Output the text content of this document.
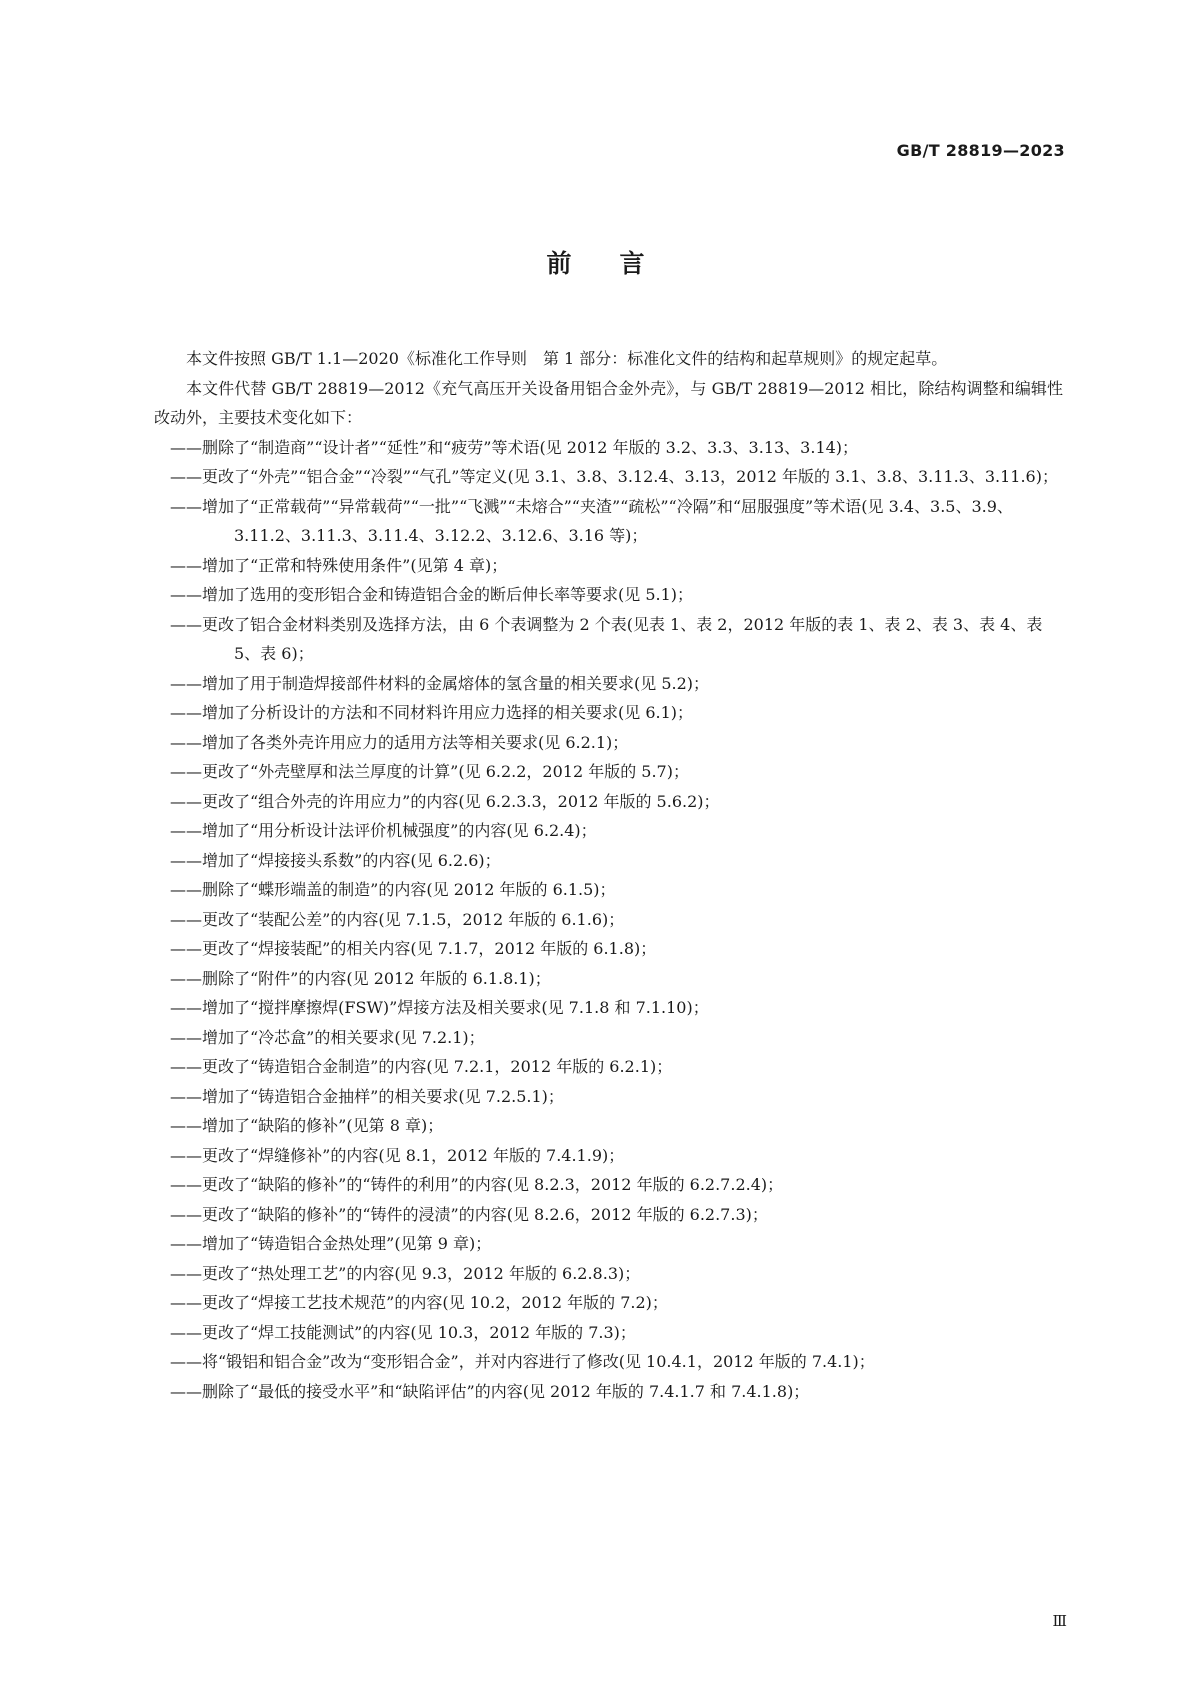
GB/T 28819—2023
前言

本文件按照 GB/T 1.1—2020《标准化工作导则　第 1 部分：标准化文件的结构和起草规则》的规定起草。

本文件代替 GB/T 28819—2012《充气高压开关设备用铝合金外壳》，与 GB/T 28819—2012 相比，除结构调整和编辑性改动外，主要技术变化如下：

——删除了“制造商”“设计者”“延性”和“疲劳”等术语(见 2012 年版的 3.2、3.3、3.13、3.14)；

——更改了“外壳”“铝合金”“冷裂”“气孔”等定义(见 3.1、3.8、3.12.4、3.13，2012 年版的 3.1、3.8、3.11.3、3.11.6)；

——增加了“正常载荷”“异常载荷”“一批”“飞溅”“未熔合”“夹渣”“疏松”“冷隔”和“屈服强度”等术语(见 3.4、3.5、3.9、3.11.2、3.11.3、3.11.4、3.12.2、3.12.6、3.16 等)；

——增加了“正常和特殊使用条件”(见第 4 章)；

——增加了选用的变形铝合金和铸造铝合金的断后伸长率等要求(见 5.1)；

——更改了铝合金材料类别及选择方法，由 6 个表调整为 2 个表(见表 1、表 2，2012 年版的表 1、表 2、表 3、表 4、表 5、表 6)；

——增加了用于制造焊接部件材料的金属熔体的氢含量的相关要求(见 5.2)；

——增加了分析设计的方法和不同材料许用应力选择的相关要求(见 6.1)；

——增加了各类外壳许用应力的适用方法等相关要求(见 6.2.1)；

——更改了“外壳壁厚和法兰厚度的计算”(见 6.2.2，2012 年版的 5.7)；

——更改了“组合外壳的许用应力”的内容(见 6.2.3.3，2012 年版的 5.6.2)；

——增加了“用分析设计法评价机械强度”的内容(见 6.2.4)；

——增加了“焊接接头系数”的内容(见 6.2.6)；

——删除了“蝶形端盖的制造”的内容(见 2012 年版的 6.1.5)；

——更改了“装配公差”的内容(见 7.1.5，2012 年版的 6.1.6)；

——更改了“焊接装配”的相关内容(见 7.1.7，2012 年版的 6.1.8)；

——删除了“附件”的内容(见 2012 年版的 6.1.8.1)；

——增加了“搅拌摩擦焊(FSW)”焊接方法及相关要求(见 7.1.8 和 7.1.10)；

——增加了“冷芯盒”的相关要求(见 7.2.1)；

——更改了“铸造铝合金制造”的内容(见 7.2.1，2012 年版的 6.2.1)；

——增加了“铸造铝合金抽样”的相关要求(见 7.2.5.1)；

——增加了“缺陷的修补”(见第 8 章)；

——更改了“焊缝修补”的内容(见 8.1，2012 年版的 7.4.1.9)；

——更改了“缺陷的修补”的“铸件的利用”的内容(见 8.2.3，2012 年版的 6.2.7.2.4)；

——更改了“缺陷的修补”的“铸件的浸渍”的内容(见 8.2.6，2012 年版的 6.2.7.3)；

——增加了“铸造铝合金热处理”(见第 9 章)；

——更改了“热处理工艺”的内容(见 9.3，2012 年版的 6.2.8.3)；

——更改了“焊接工艺技术规范”的内容(见 10.2，2012 年版的 7.2)；

——更改了“焊工技能测试”的内容(见 10.3，2012 年版的 7.3)；

——将“锻铝和铝合金”改为“变形铝合金”，并对内容进行了修改(见 10.4.1，2012 年版的 7.4.1)；

——删除了“最低的接受水平”和“缺陷评估”的内容(见 2012 年版的 7.4.1.7 和 7.4.1.8)；

Ⅲ
